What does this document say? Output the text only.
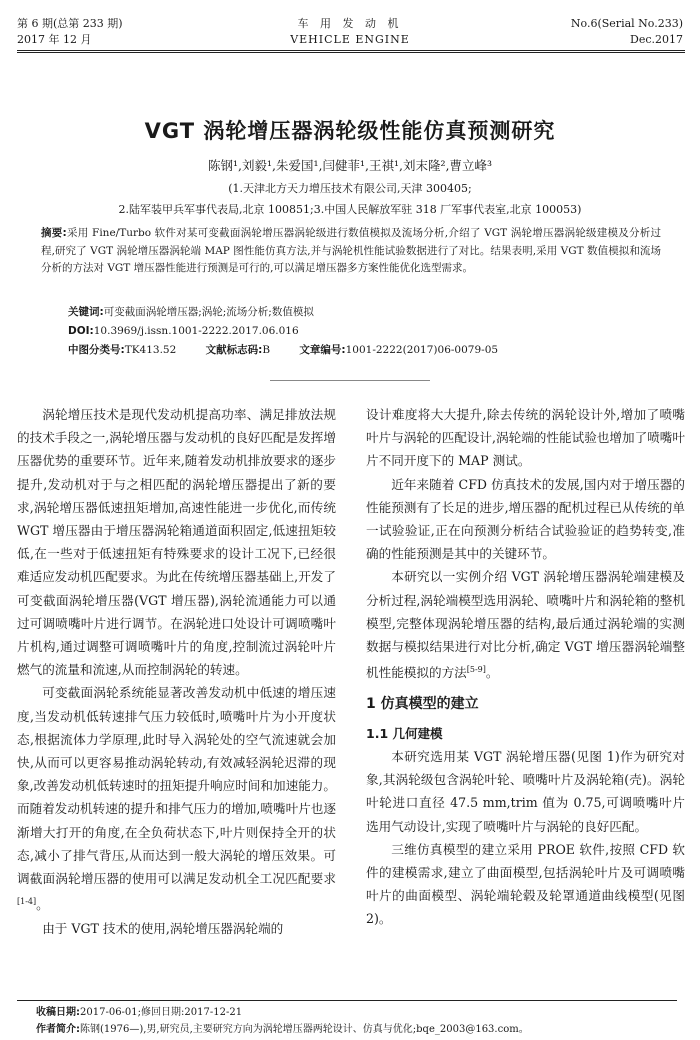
第 6 期(总第 233 期)
2017 年 12 月
车 用 发 动 机
VEHICLE ENGINE
No.6(Serial No.233)
Dec.2017
VGT 涡轮增压器涡轮级性能仿真预测研究
陈钢¹,刘毅¹,朱爱国¹,闫健菲¹,王祺¹,刘末隆²,曹立峰³
(1.天津北方天力增压技术有限公司,天津 300405;
2.陆军装甲兵军事代表局,北京 100851;3.中国人民解放军驻 318 厂军事代表室,北京 100053)
摘要:采用 Fine/Turbo 软件对某可变截面涡轮增压器涡轮级进行数值模拟及流场分析,介绍了 VGT 涡轮增压器涡轮级建模及分析过程,研究了 VGT 涡轮增压器涡轮端 MAP 图性能仿真方法,并与涡轮机性能试验数据进行了对比。结果表明,采用 VGT 数值模拟和流场分析的方法对 VGT 增压器性能进行预测是可行的,可以满足增压器多方案性能优化选型需求。
关键词:可变截面涡轮增压器;涡轮;流场分析;数值模拟
DOI:10.3969/j.issn.1001-2222.2017.06.016
中图分类号:TK413.52	文献标志码:B	文章编号:1001-2222(2017)06-0079-05

涡轮增压技术是现代发动机提高功率、满足排放法规的技术手段之一,涡轮增压器与发动机的良好匹配是发挥增压器优势的重要环节。近年来,随着发动机排放要求的逐步提升,发动机对于与之相匹配的涡轮增压器提出了新的要求,涡轮增压器低速扭矩增加,高速性能进一步优化,而传统 WGT 增压器由于增压器涡轮箱通道面积固定,低速扭矩较低,在一些对于低速扭矩有特殊要求的设计工况下,已经很难适应发动机匹配要求。为此在传统增压器基础上,开发了可变截面涡轮增压器(VGT 增压器),涡轮流通能力可以通过可调喷嘴叶片进行调节。在涡轮进口处设计可调喷嘴叶片机构,通过调整可调喷嘴叶片的角度,控制流过涡轮叶片燃气的流量和流速,从而控制涡轮的转速。

可变截面涡轮系统能显著改善发动机中低速的增压速度,当发动机低转速排气压力较低时,喷嘴叶片为小开度状态,根据流体力学原理,此时导入涡轮处的空气流速就会加快,从而可以更容易推动涡轮转动,有效减轻涡轮迟滞的现象,改善发动机低转速时的扭矩提升响应时间和加速能力。而随着发动机转速的提升和排气压力的增加,喷嘴叶片也逐渐增大打开的角度,在全负荷状态下,叶片则保持全开的状态,减小了排气背压,从而达到一般大涡轮的增压效果。可调截面涡轮增压器的使用可以满足发动机全工况匹配要求[1-4]。

由于 VGT 技术的使用,涡轮增压器涡轮端的

设计难度将大大提升,除去传统的涡轮设计外,增加了喷嘴叶片与涡轮的匹配设计,涡轮端的性能试验也增加了喷嘴叶片不同开度下的 MAP 测试。

近年来随着 CFD 仿真技术的发展,国内对于增压器的性能预测有了长足的进步,增压器的配机过程已从传统的单一试验验证,正在向预测分析结合试验验证的趋势转变,准确的性能预测是其中的关键环节。

本研究以一实例介绍 VGT 涡轮增压器涡轮端建模及分析过程,涡轮端模型选用涡轮、喷嘴叶片和涡轮箱的整机模型,完整体现涡轮增压器的结构,最后通过涡轮端的实测数据与模拟结果进行对比分析,确定 VGT 增压器涡轮端整机性能模拟的方法[5-9]。

1 仿真模型的建立
1.1 几何建模

本研究选用某 VGT 涡轮增压器(见图 1)作为研究对象,其涡轮级包含涡轮叶轮、喷嘴叶片及涡轮箱(壳)。涡轮叶轮进口直径 47.5 mm,trim 值为 0.75,可调喷嘴叶片选用气动设计,实现了喷嘴叶片与涡轮的良好匹配。

三维仿真模型的建立采用 PROE 软件,按照 CFD 软件的建模需求,建立了曲面模型,包括涡轮叶片及可调喷嘴叶片的曲面模型、涡轮端轮毂及轮罩通道曲线模型(见图 2)。

收稿日期:2017-06-01;修回日期:2017-12-21
作者简介:陈钢(1976—),男,研究员,主要研究方向为涡轮增压器两轮设计、仿真与优化;bqe_2003@163.com。
